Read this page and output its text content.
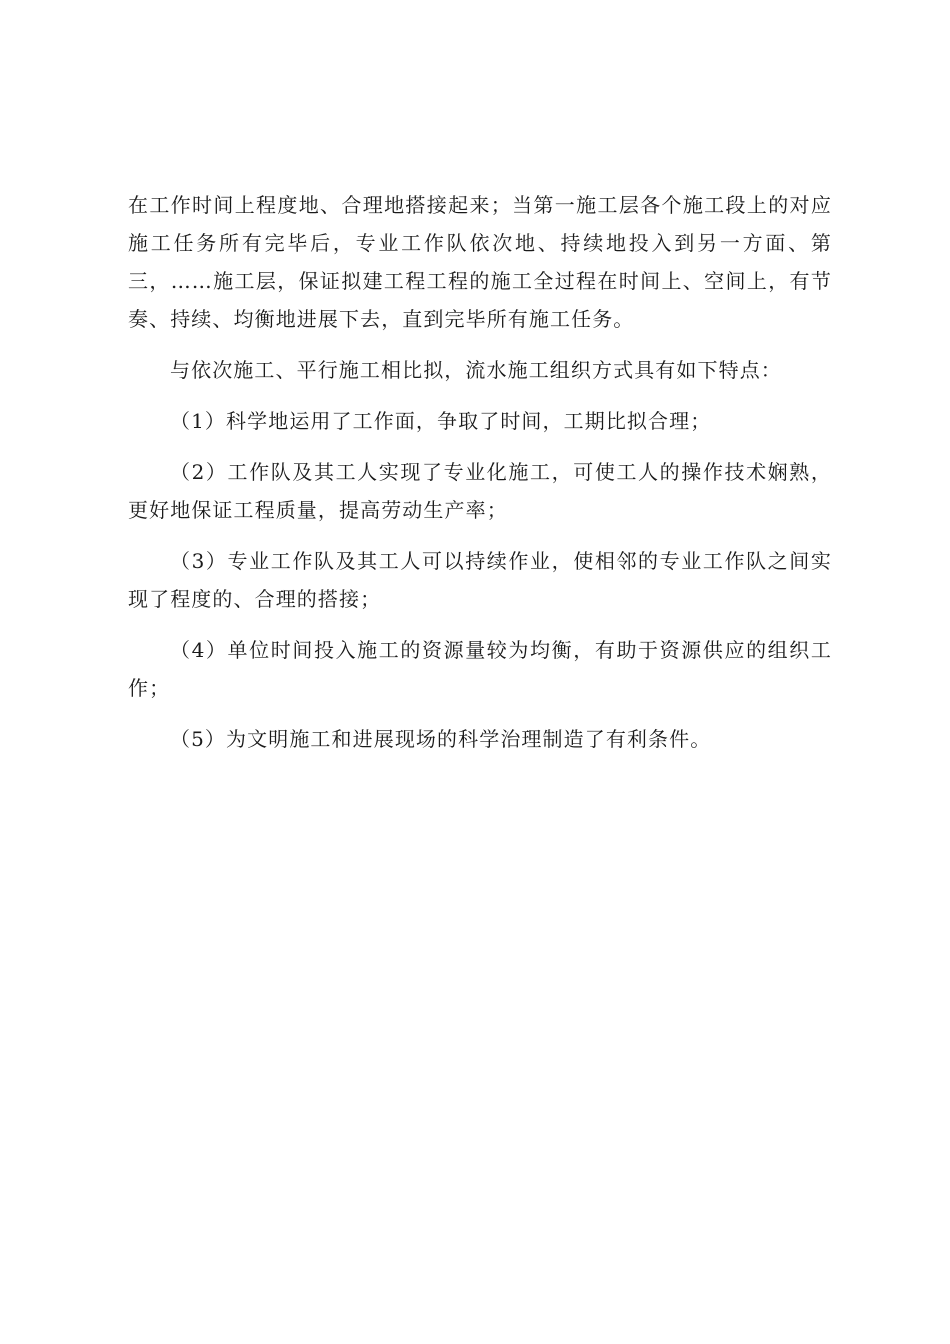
在工作时间上程度地、合理地搭接起来；当第一施工层各个施工段上的对应施工任务所有完毕后，专业工作队依次地、持续地投入到另一方面、第三，……施工层，保证拟建工程工程的施工全过程在时间上、空间上，有节奏、持续、均衡地进展下去，直到完毕所有施工任务。

与依次施工、平行施工相比拟，流水施工组织方式具有如下特点：

（1）科学地运用了工作面，争取了时间，工期比拟合理；

（2）工作队及其工人实现了专业化施工，可使工人的操作技术娴熟，更好地保证工程质量，提高劳动生产率；

（3）专业工作队及其工人可以持续作业，使相邻的专业工作队之间实现了程度的、合理的搭接；

（4）单位时间投入施工的资源量较为均衡，有助于资源供应的组织工作；

（5）为文明施工和进展现场的科学治理制造了有利条件。
